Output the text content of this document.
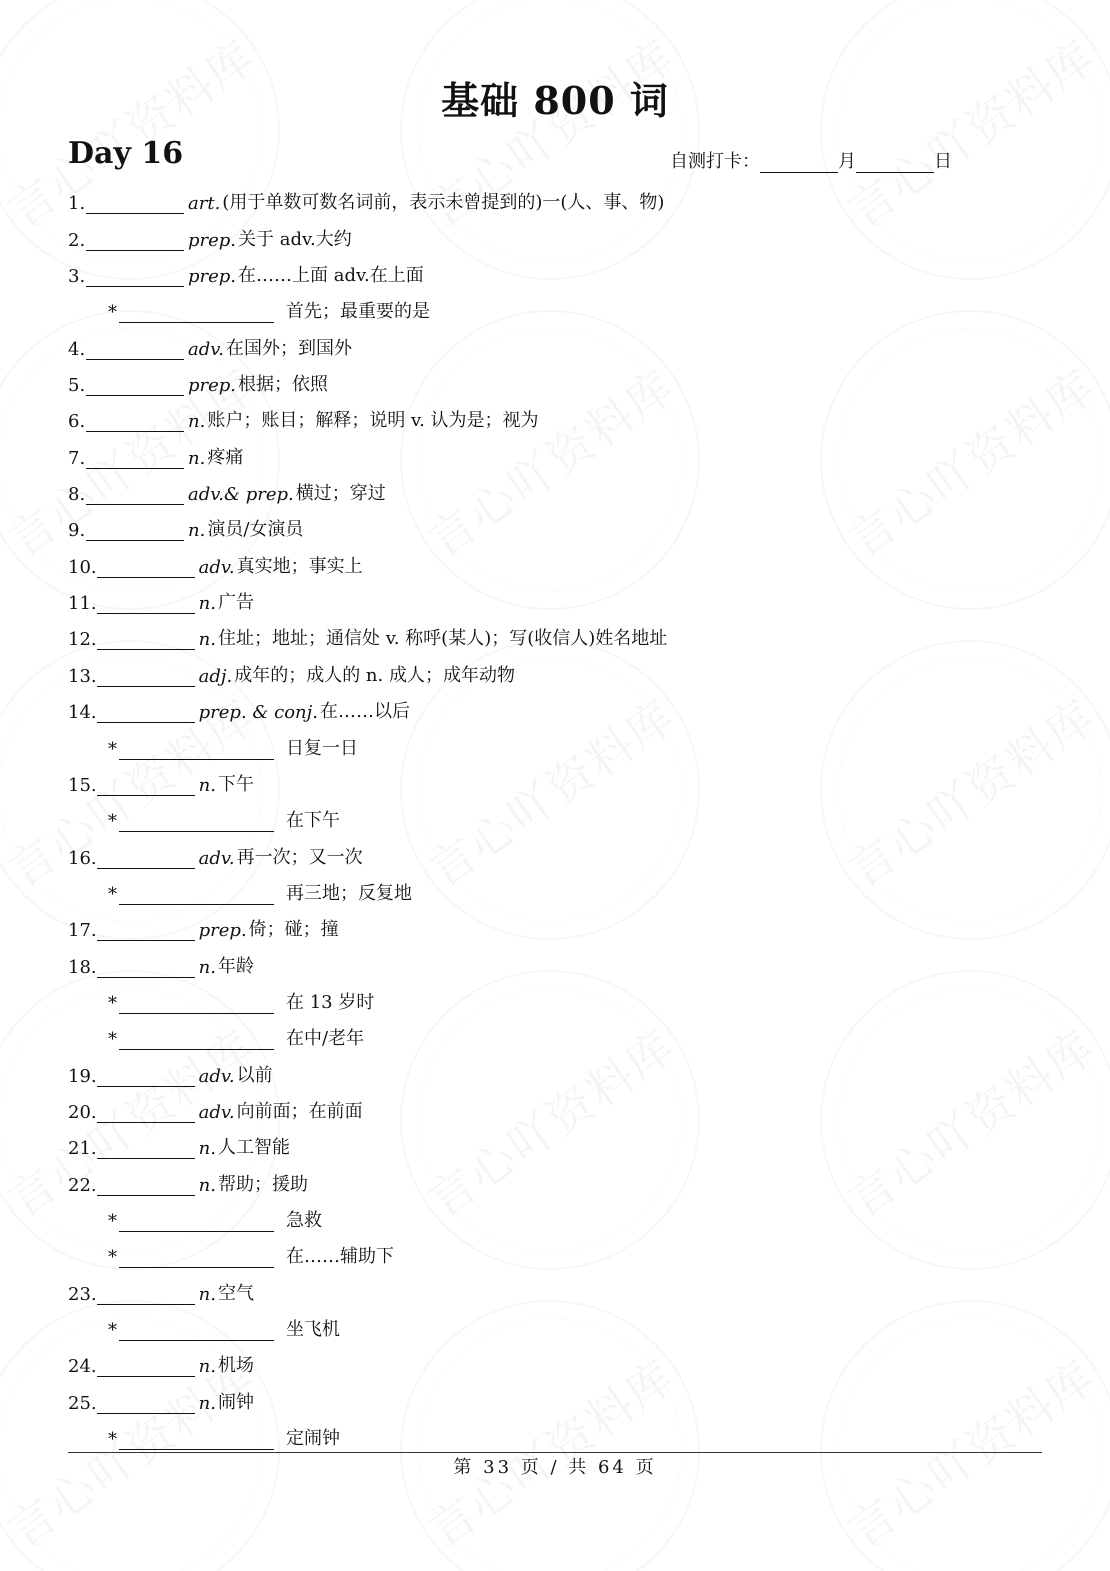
基础 800 词
Day 16	自测打卡：	月	日
1.	art. (用于单数可数名词前，表示未曾提到的)一(人、事、物)
2.	prep. 关于 adv.大约
3.	prep. 在……上面 adv.在上面
*	首先；最重要的是
4.	adv. 在国外；到国外
5.	prep. 根据；依照
6.	n. 账户；账目；解释；说明 v. 认为是；视为
7.	n. 疼痛
8.	adv.& prep. 横过；穿过
9.	n. 演员/女演员
10.	adv. 真实地；事实上
11.	n. 广告
12.	n. 住址；地址；通信处 v. 称呼(某人)；写(收信人)姓名地址
13.	adj. 成年的；成人的 n. 成人；成年动物
14.	prep. & conj. 在……以后
*	日复一日
15.	n. 下午
*	在下午
16.	adv. 再一次；又一次
*	再三地；反复地
17.	prep. 倚；碰；撞
18.	n. 年龄
*	在 13 岁时
*	在中/老年
19.	adv. 以前
20.	adv. 向前面；在前面
21.	n. 人工智能
22.	n. 帮助；援助
*	急救
*	在……辅助下
23.	n. 空气
*	坐飞机
24.	n. 机场
25.	n. 闹钟
*	定闹钟
第 33 页 / 共 64 页
